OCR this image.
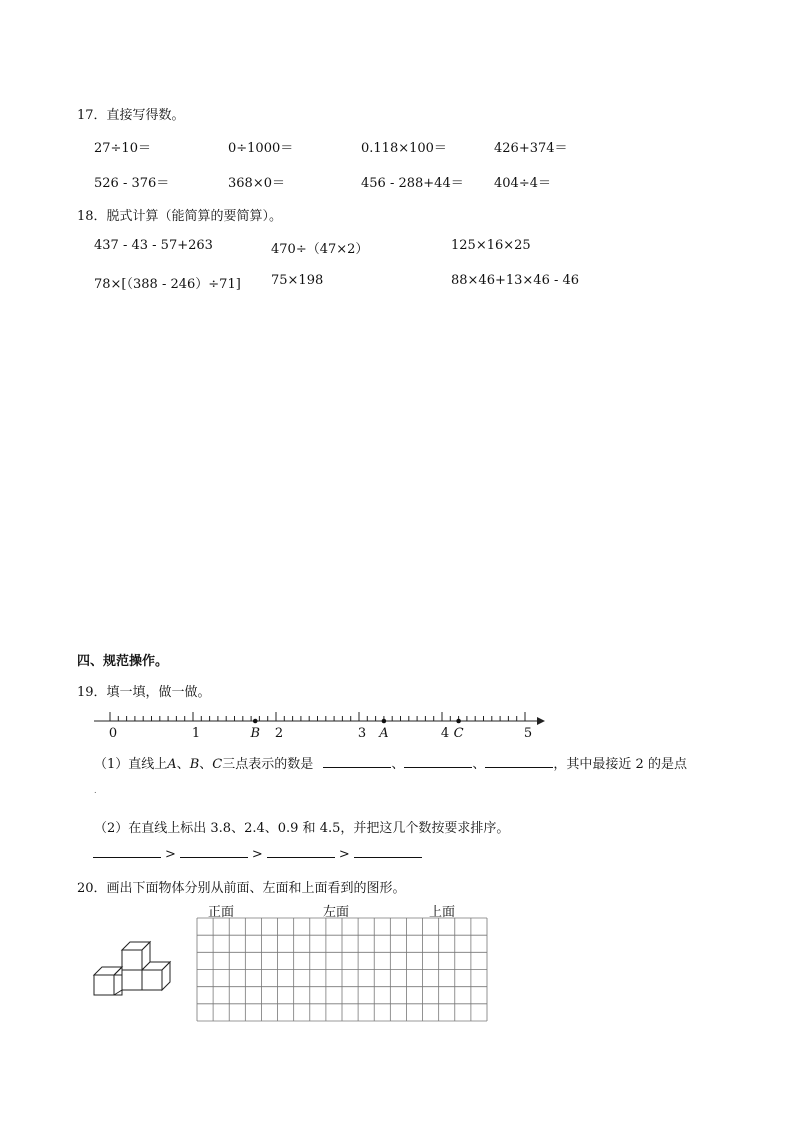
17．直接写得数。
27÷10＝	0÷1000＝	0.118×100＝	426+374＝
526 - 376＝	368×0＝	456 - 288+44＝ 404÷4＝
18．脱式计算（能简算的要简算）。
437 - 43 - 57+263	470÷（47×2）	125×16×25
78×[（388 - 246）÷71] 75×198	88×46+13×46 - 46
四、规范操作。
19．填一填，做一做。
0	1	2	3	4	5
B	A	C
（1）直线上A、B、C三点表示的数是	、	、	，其中最接近 2 的是点
.
（2）在直线上标出 3.8、2.4、0.9 和 4.5，并把这几个数按要求排序。
>	>	>
20．画出下面物体分别从前面、左面和上面看到的图形。
正面	左面	上面
